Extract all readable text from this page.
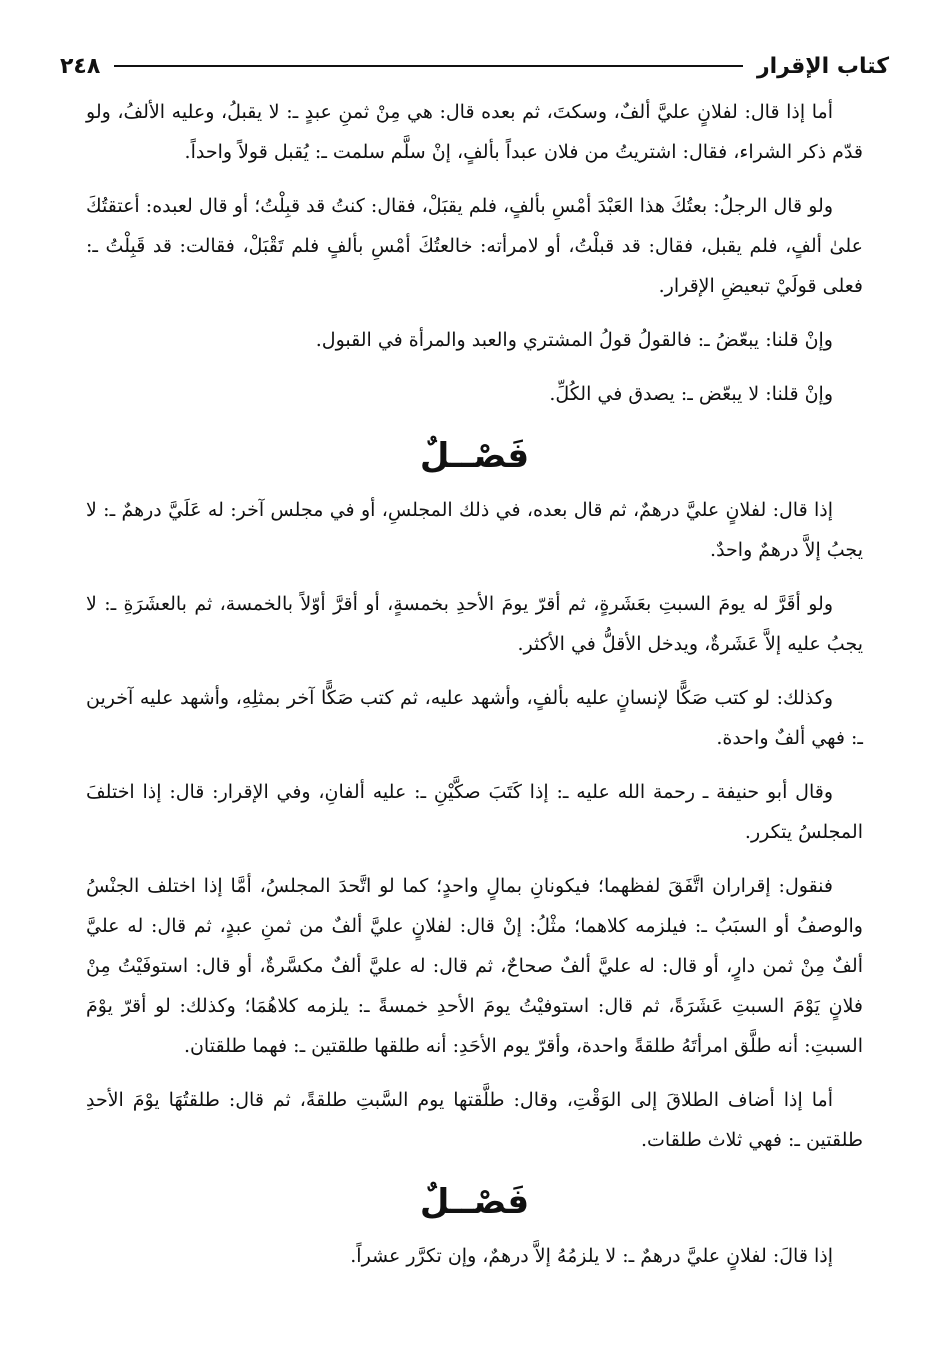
كتاب الإقرار
٢٤٨

أما إذا قال: لفلانٍ عليَّ ألفٌ، وسكتَ، ثم بعده قال: هي مِنْ ثمنِ عبدٍ ـ: لا يقبلُ، وعليه الألفُ، ولو قدّم ذكر الشراء، فقال: اشتريتُ من فلان عبداً بألفٍ، إنْ سلَّم سلمت ـ: يُقبل قولاً واحداً.

ولو قال الرجلُ: بعتُكَ هذا العَبْدَ أمْسِ بألفٍ، فلم يقبَلْ، فقال: كنتُ قد قبِلْتُ؛ أو قال لعبده: أعتقتُكَ علىٰ ألفٍ، فلم يقبل، فقال: قد قبلْتُ، أو لامرأته: خالعتُكَ أمْسِ بألفٍ فلم تَقْبَلْ، فقالت: قد قَبِلْتُ ـ: فعلى قولَيْ تبعيضِ الإقرار.

وإنْ قلنا: يبعّضُ ـ: فالقولُ قولُ المشتري والعبد والمرأة في القبول.

وإنْ قلنا: لا يبعّض ـ: يصدق في الكُلِّ.

فَصْــلٌ

إذا قال: لفلانٍ عليَّ درهمٌ، ثم قال بعده، في ذلك المجلسِ، أو في مجلس آخر: له عَلَيَّ درهمٌ ـ: لا يجبُ إلاَّ درهمٌ واحدٌ.

ولو أقَرَّ له يومَ السبتِ بعَشَرةٍ، ثم أقرّ يومَ الأحدِ بخمسةٍ، أو أقرَّ أوّلاً بالخمسة، ثم بالعشَرَةِ ـ: لا يجبُ عليه إلاَّ عَشَرةٌ، ويدخل الأقلُّ في الأكثر.

وكذلك: لو كتب صَكًّا لإنسانٍ عليه بألفٍ، وأشهد عليه، ثم كتب صَكًّا آخر بمثلِهِ، وأشهد عليه آخرين ـ: فهي ألفٌ واحدة.

وقال أبو حنيفة ـ رحمة الله عليه ـ: إذا كَتَبَ صكَّيْنِ ـ: عليه ألفانِ، وفي الإقرار: قال: إذا اختلفَ المجلسُ يتكرر.

فنقول: إقراران اتَّفَقَ لفظهما؛ فيكونانِ بمالٍ واحدٍ؛ كما لو اتَّحدَ المجلسُ، أمَّا إذا اختلف الجنْسُ والوصفُ أو السبَبُ ـ: فيلزمه كلاهما؛ مثْلُ: إنْ قال: لفلانٍ عليَّ ألفٌ من ثمنِ عبدٍ، ثم قال: له عليَّ ألفٌ مِنْ ثمن دارٍ، أو قال: له عليَّ ألفٌ صحاحٌ، ثم قال: له عليَّ ألفٌ مكسَّرةٌ، أو قال: استوفَيْتُ مِنْ فلانٍ يَوْمَ السبتِ عَشَرَةً، ثم قال: استوفيْتُ يومَ الأحدِ خمسةً ـ: يلزمه كلاهُمَا؛ وكذلك: لو أقرّ يوْمَ السبتِ: أنه طلَّق امرأتَهُ طلقةً واحدة، وأقرّ يوم الأحَدِ: أنه طلقها طلقتين ـ: فهما طلقتان.

أما إذا أضاف الطلاقَ إلى الوَقْتِ، وقال: طلَّقتها يوم السَّبتِ طلقةً، ثم قال: طلقتُهَا يوْمَ الأحدِ طلقتين ـ: فهي ثلاث طلقات.

فَصْــلٌ

إذا قالَ: لفلانٍ عليَّ درهمٌ ـ: لا يلزمُهُ إلاَّ درهمٌ، وإن تكرَّر عشراً.
